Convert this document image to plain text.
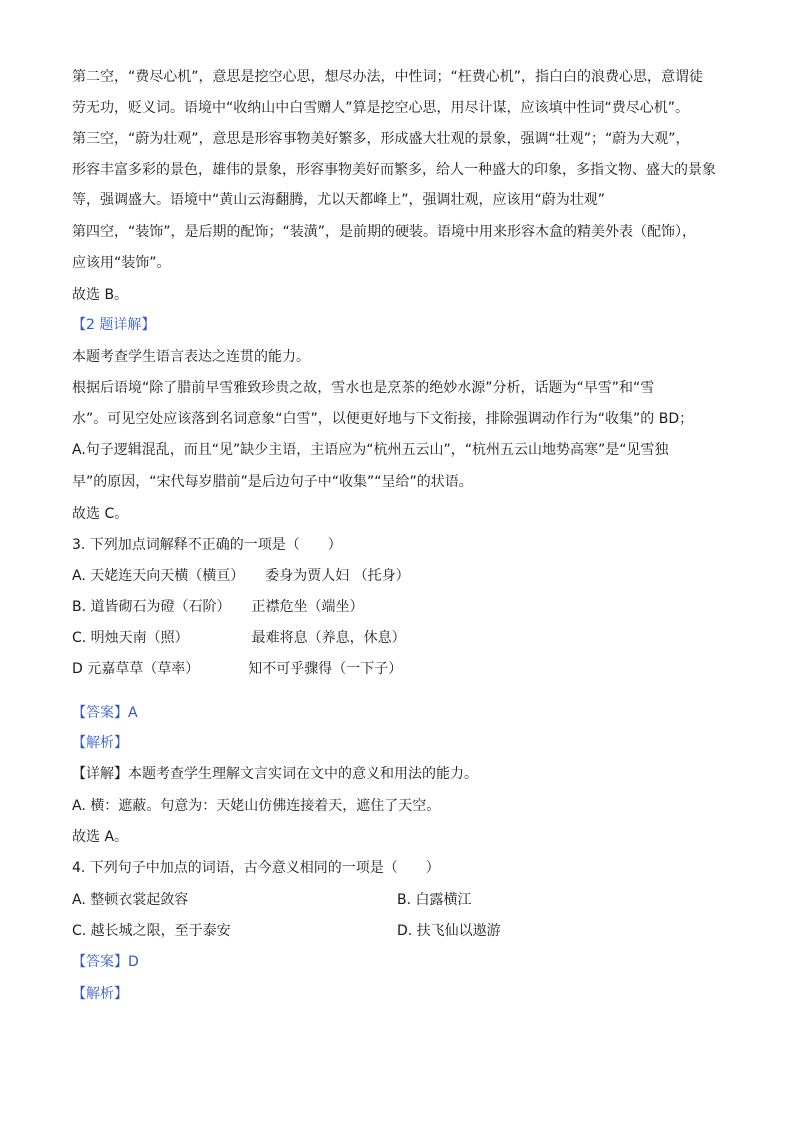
第二空，“费尽心机”，意思是挖空心思，想尽办法，中性词；“枉费心机”，指白白的浪费心思，意谓徒
劳无功，贬义词。语境中“收纳山中白雪赠人”算是挖空心思，用尽计谋，应该填中性词“费尽心机”。
第三空，“蔚为壮观”，意思是形容事物美好繁多，形成盛大壮观的景象，强调“壮观”；“蔚为大观”，
形容丰富多彩的景色，雄伟的景象，形容事物美好而繁多，给人一种盛大的印象，多指文物、盛大的景象
等，强调盛大。语境中“黄山云海翻腾，尤以天都峰上”，强调壮观，应该用“蔚为壮观”
第四空，“装饰”，是后期的配饰；“装潢”，是前期的硬装。语境中用来形容木盒的精美外表（配饰），
应该用“装饰”。
故选 B。
【2 题详解】
本题考查学生语言表达之连贯的能力。
根据后语境“除了腊前早雪雅致珍贵之故，雪水也是烹茶的绝妙水源”分析，话题为“早雪”和“雪
水”。可见空处应该落到名词意象“白雪”，以便更好地与下文衔接，排除强调动作行为“收集”的 BD；
A.句子逻辑混乱，而且“见”缺少主语，主语应为“杭州五云山”，“杭州五云山地势高寒”是“见雪独
早”的原因，“宋代每岁腊前”是后边句子中“收集”“呈给”的状语。
故选 C。
3. 下列加点词解释不正确的一项是（　　）
A. 天姥连天向天横（横亘）　　委身为贾人妇 （托身）
B. 道皆砌石为磴（石阶）　　正襟危坐（端坐）
C. 明烛天南（照）　　　　　最难将息（养息，休息）
D 元嘉草草（草率）　　　　知不可乎骤得（一下子）
【答案】A
【解析】
【详解】本题考查学生理解文言实词在文中的意义和用法的能力。
A. 横：遮蔽。句意为：天姥山仿佛连接着天，遮住了天空。
故选 A。
4. 下列句子中加点的词语，古今意义相同的一项是（　　）
A. 整顿衣裳起敛容	B. 白露横江
C. 越长城之限，至于泰安	D. 扶飞仙以遨游
【答案】D
【解析】
